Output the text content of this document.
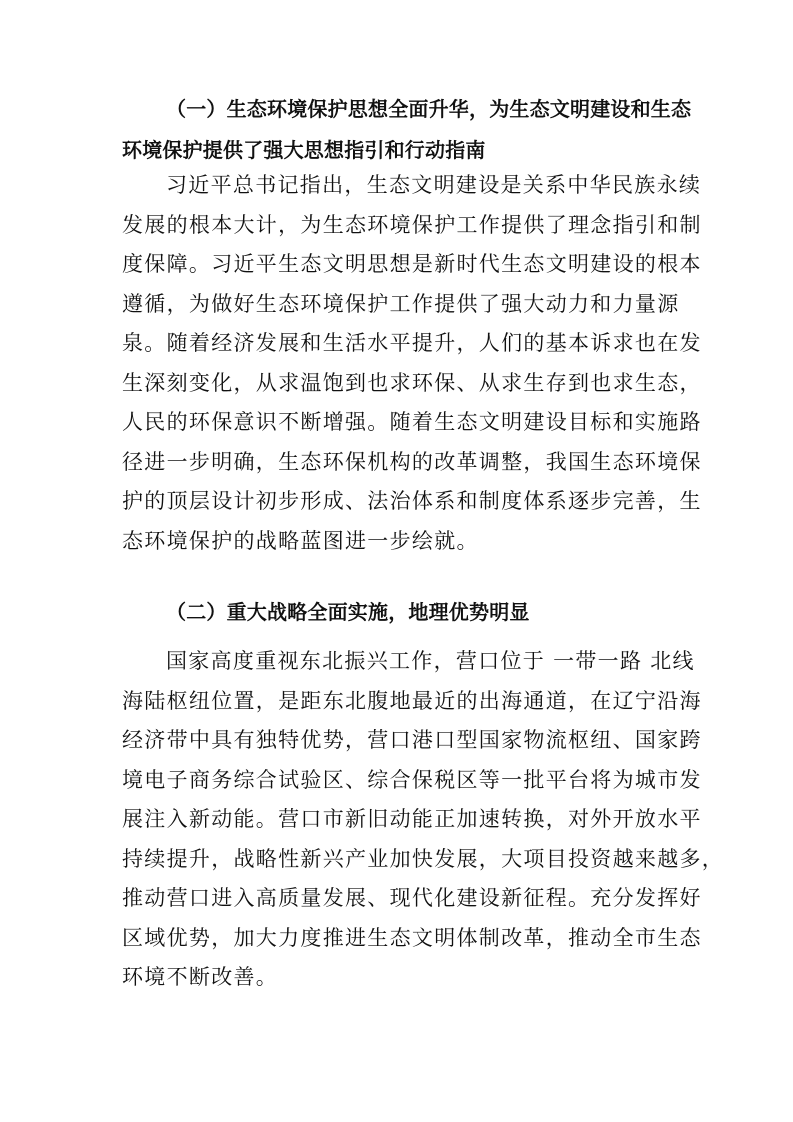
（一）生态环境保护思想全面升华，为生态文明建设和生态
环境保护提供了强大思想指引和行动指南
习近平总书记指出，生态文明建设是关系中华民族永续
发展的根本大计，为生态环境保护工作提供了理念指引和制
度保障。习近平生态文明思想是新时代生态文明建设的根本
遵循，为做好生态环境保护工作提供了强大动力和力量源
泉。随着经济发展和生活水平提升，人们的基本诉求也在发
生深刻变化，从求温饱到也求环保、从求生存到也求生态，
人民的环保意识不断增强。随着生态文明建设目标和实施路
径进一步明确，生态环保机构的改革调整，我国生态环境保
护的顶层设计初步形成、法治体系和制度体系逐步完善，生
态环境保护的战略蓝图进一步绘就。
（二）重大战略全面实施，地理优势明显
国家高度重视东北振兴工作，营口位于 一带一路 北线
海陆枢纽位置，是距东北腹地最近的出海通道，在辽宁沿海
经济带中具有独特优势，营口港口型国家物流枢纽、国家跨
境电子商务综合试验区、综合保税区等一批平台将为城市发
展注入新动能。营口市新旧动能正加速转换，对外开放水平
持续提升，战略性新兴产业加快发展，大项目投资越来越多，
推动营口进入高质量发展、现代化建设新征程。充分发挥好
区域优势，加大力度推进生态文明体制改革，推动全市生态
环境不断改善。
